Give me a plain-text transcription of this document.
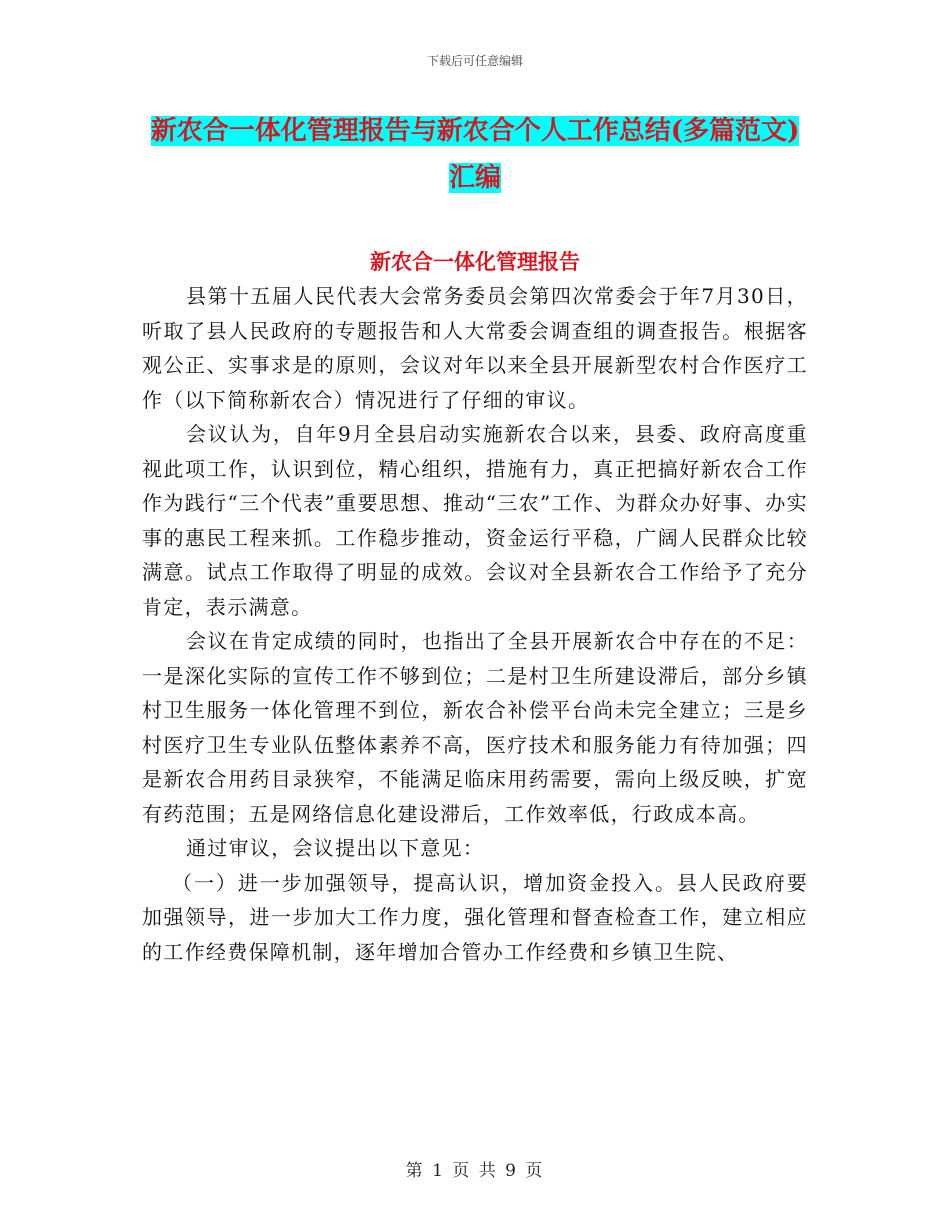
下载后可任意编辑
新农合一体化管理报告与新农合个人工作总结(多篇范文)汇编
新农合一体化管理报告

县第十五届人民代表大会常务委员会第四次常委会于年7月30日，听取了县人民政府的专题报告和人大常委会调查组的调查报告。根据客观公正、实事求是的原则，会议对年以来全县开展新型农村合作医疗工作（以下简称新农合）情况进行了仔细的审议。

会议认为，自年9月全县启动实施新农合以来，县委、政府高度重视此项工作，认识到位，精心组织，措施有力，真正把搞好新农合工作作为践行“三个代表”重要思想、推动“三农”工作、为群众办好事、办实事的惠民工程来抓。工作稳步推动，资金运行平稳，广阔人民群众比较满意。试点工作取得了明显的成效。会议对全县新农合工作给予了充分肯定，表示满意。

会议在肯定成绩的同时，也指出了全县开展新农合中存在的不足：一是深化实际的宣传工作不够到位；二是村卫生所建设滞后，部分乡镇村卫生服务一体化管理不到位，新农合补偿平台尚未完全建立；三是乡村医疗卫生专业队伍整体素养不高，医疗技术和服务能力有待加强；四是新农合用药目录狭窄，不能满足临床用药需要，需向上级反映，扩宽有药范围；五是网络信息化建设滞后，工作效率低，行政成本高。

通过审议，会议提出以下意见：

（一）进一步加强领导，提高认识，增加资金投入。县人民政府要加强领导，进一步加大工作力度，强化管理和督查检查工作，建立相应的工作经费保障机制，逐年增加合管办工作经费和乡镇卫生院、

第 1 页 共 9 页
